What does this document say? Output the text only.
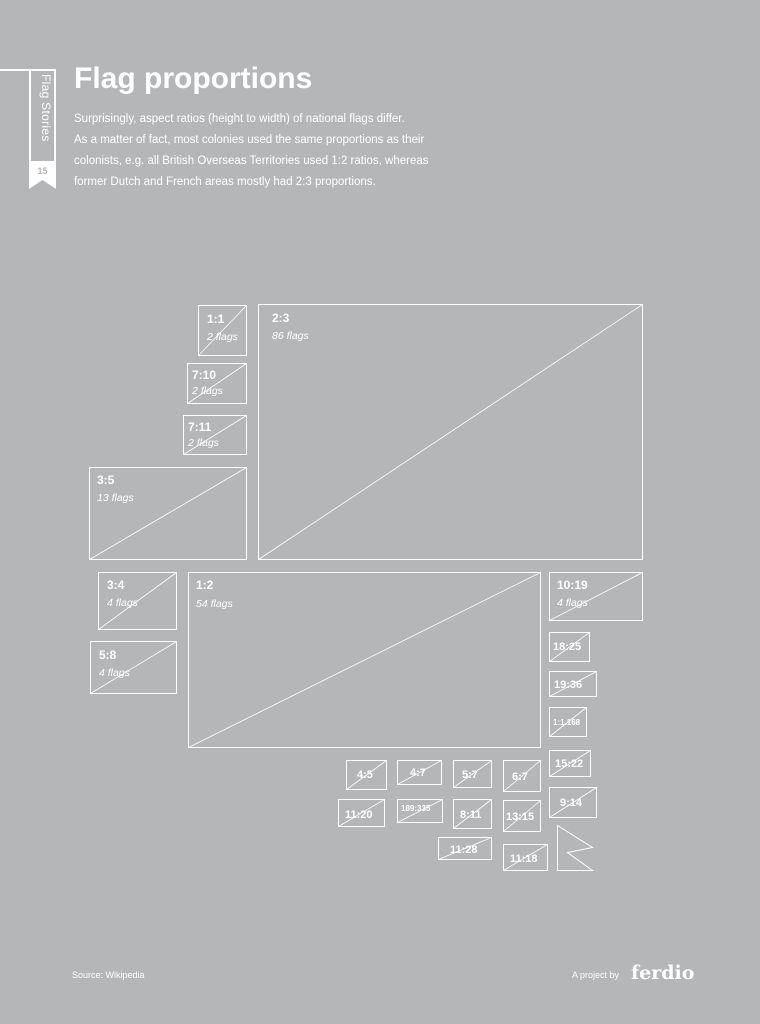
Flag Stories
15
Flag proportions
Surprisingly, aspect ratios (height to width) of national flags differ.
As a matter of fact, most colonies used the same proportions as their
colonists, e.g. all British Overseas Territories used 1:2 ratios, whereas
former Dutch and French areas mostly had 2:3 proportions.
1:1
2 flags
2:3
86 flags
7:10
2 flags
7:11
2 flags
3:5
13 flags
3:4
4 flags
1:2
54 flags
10:19
4 flags
5:8
4 flags
18:25
19:36
1:1.168
15:22
9:14
4:5	4:7	5:7	6:7
11:20
189:335
8:11 13:15
11:28
11:18
Source: Wikipedia	A project by ferdio
